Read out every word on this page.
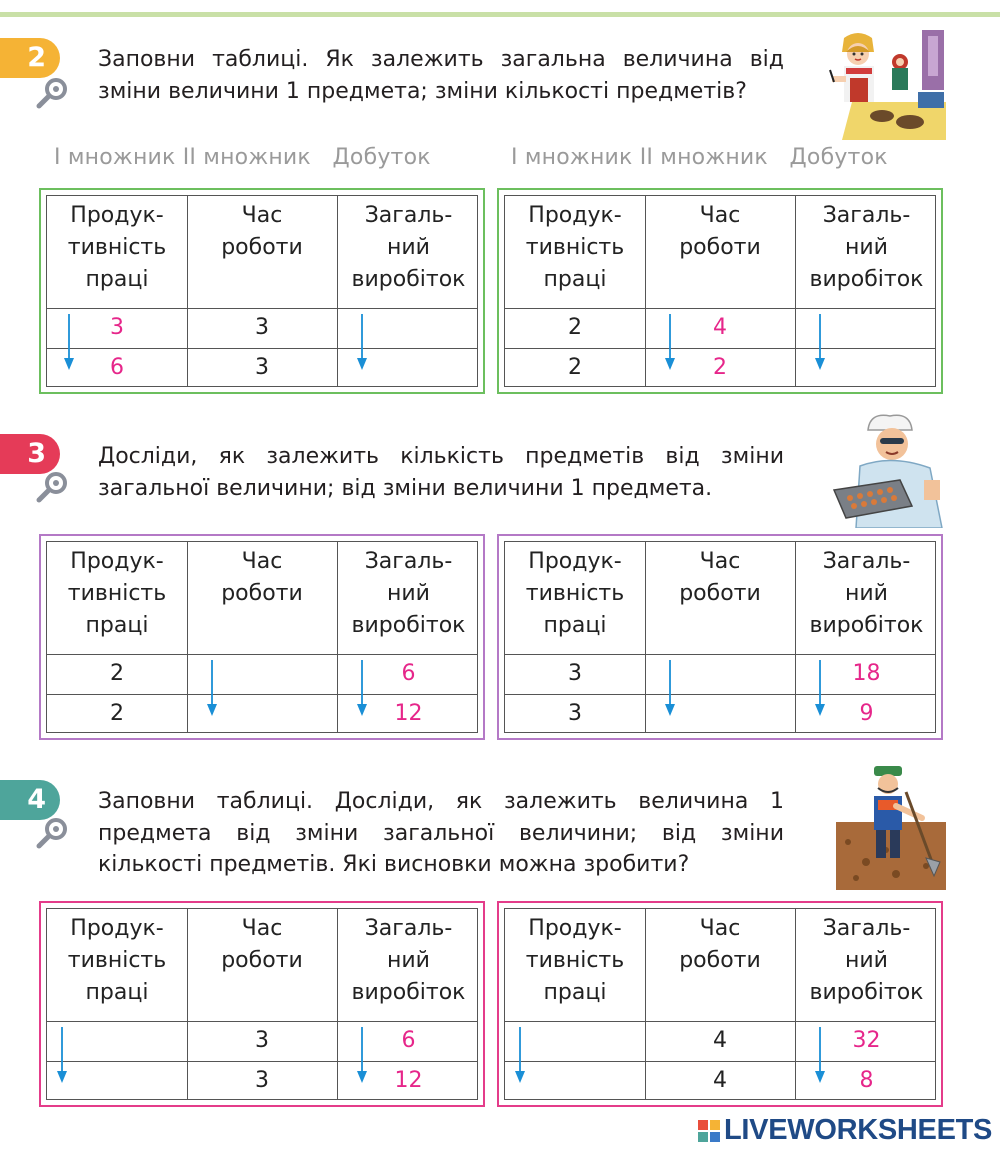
2 Заповни таблиці. Як залежить загальна величина від зміни величини 1 предмета; зміни кількості предметів?
I множник II множник Добуток	I множник II множник Добуток
Продук-
тивність
праці
Час
роботи
Загаль-
ний
виробіток
3
6
3
3
Продук-
тивність
праці
Час
роботи
Загаль-
ний
виробіток
2
2
4
2
3 Досліди, як залежить кількість предметів від зміни загальної величини; від зміни величини 1 предмета.
Продук-
тивність
праці
Час
роботи
Загаль-
ний
виробіток
2
2
6
12
Продук-
тивність
праці
Час
роботи
Загаль-
ний
виробіток
3
3
18
9
4 Заповни таблиці. Досліди, як залежить величина 1 предмета від зміни загальної величини; від зміни кількості предметів. Які висновки можна зробити?
Продук-
тивність
праці
Час
роботи
Загаль-
ний
виробіток
3
3
6
12
Продук-
тивність
праці
Час
роботи
Загаль-
ний
виробіток
4
4
32
8
LIVEWORKSHEETS
